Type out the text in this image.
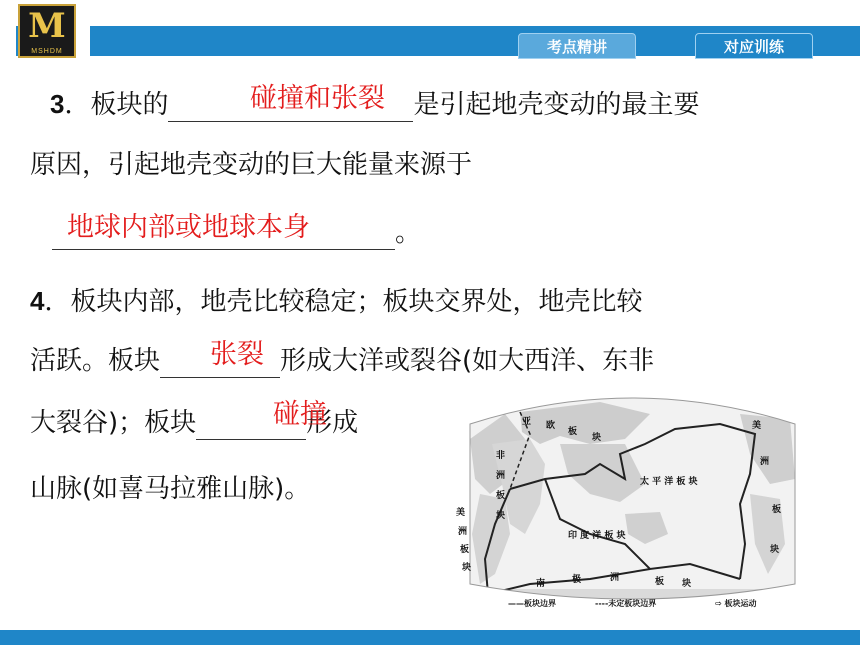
M
MSHDM	考点精讲	对应训练
3．板块的	是引起地壳变动的最主要
碰撞和张裂
原因，引起地壳变动的巨大能量来源于
。
地球内部或地球本身
4．板块内部，地壳比较稳定；板块交界处，地壳比较
活跃。板块	形成大洋或裂谷(如大西洋、东非
张裂
大裂谷)；板块	形成
碰撞
山脉(如喜马拉雅山脉)。
亚 欧
板
块
非
洲
板
块
美
洲
板
块
美
洲
板
块
太 平 洋 板 块
印 度 洋 板 块
南	极	洲	板 块
——板块边界	----未定板块边界	⇨ 板块运动
